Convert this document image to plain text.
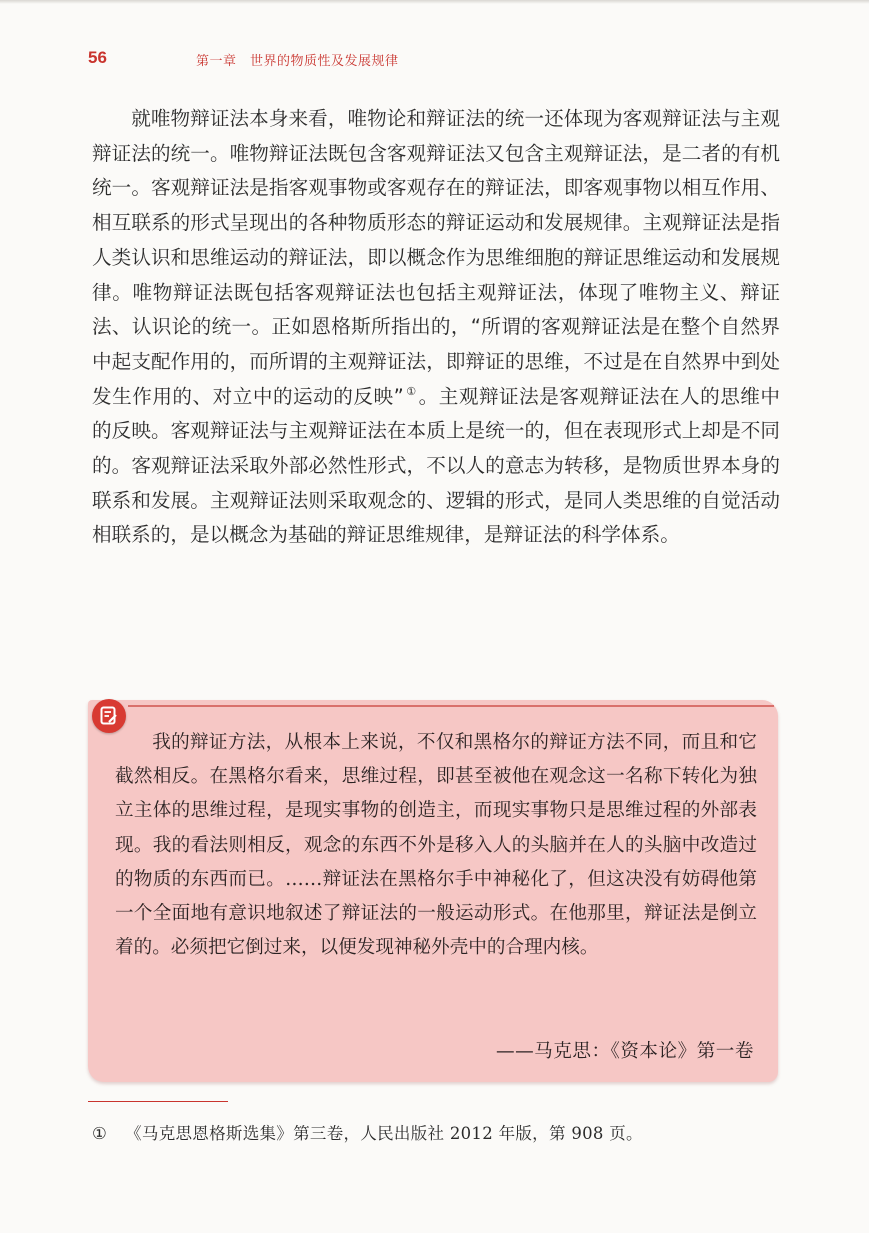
56	第一章　世界的物质性及发展规律

就唯物辩证法本身来看，唯物论和辩证法的统一还体现为客观辩证法与主观辩证法的统一。唯物辩证法既包含客观辩证法又包含主观辩证法，是二者的有机统一。客观辩证法是指客观事物或客观存在的辩证法，即客观事物以相互作用、相互联系的形式呈现出的各种物质形态的辩证运动和发展规律。主观辩证法是指人类认识和思维运动的辩证法，即以概念作为思维细胞的辩证思维运动和发展规律。唯物辩证法既包括客观辩证法也包括主观辩证法，体现了唯物主义、辩证法、认识论的统一。正如恩格斯所指出的，“所谓的客观辩证法是在整个自然界中起支配作用的，而所谓的主观辩证法，即辩证的思维，不过是在自然界中到处发生作用的、对立中的运动的反映” ① 。主观辩证法是客观辩证法在人的思维中的反映。客观辩证法与主观辩证法在本质上是统一的，但在表现形式上却是不同的。客观辩证法采取外部必然性形式，不以人的意志为转移，是物质世界本身的联系和发展。主观辩证法则采取观念的、逻辑的形式，是同人类思维的自觉活动相联系的，是以概念为基础的辩证思维规律，是辩证法的科学体系。

我的辩证方法，从根本上来说，不仅和黑格尔的辩证方法不同，而且和它截然相反。在黑格尔看来，思维过程，即甚至被他在观念这一名称下转化为独立主体的思维过程，是现实事物的创造主，而现实事物只是思维过程的外部表现。我的看法则相反，观念的东西不外是移入人的头脑并在人的头脑中改造过的物质的东西而已。……辩证法在黑格尔手中神秘化了，但这决没有妨碍他第一个全面地有意识地叙述了辩证法的一般运动形式。在他那里，辩证法是倒立着的。必须把它倒过来，以便发现神秘外壳中的合理内核。

——马克思：《资本论》第一卷
① 《马克思恩格斯选集》第三卷，人民出版社 2012 年版，第 908 页。
